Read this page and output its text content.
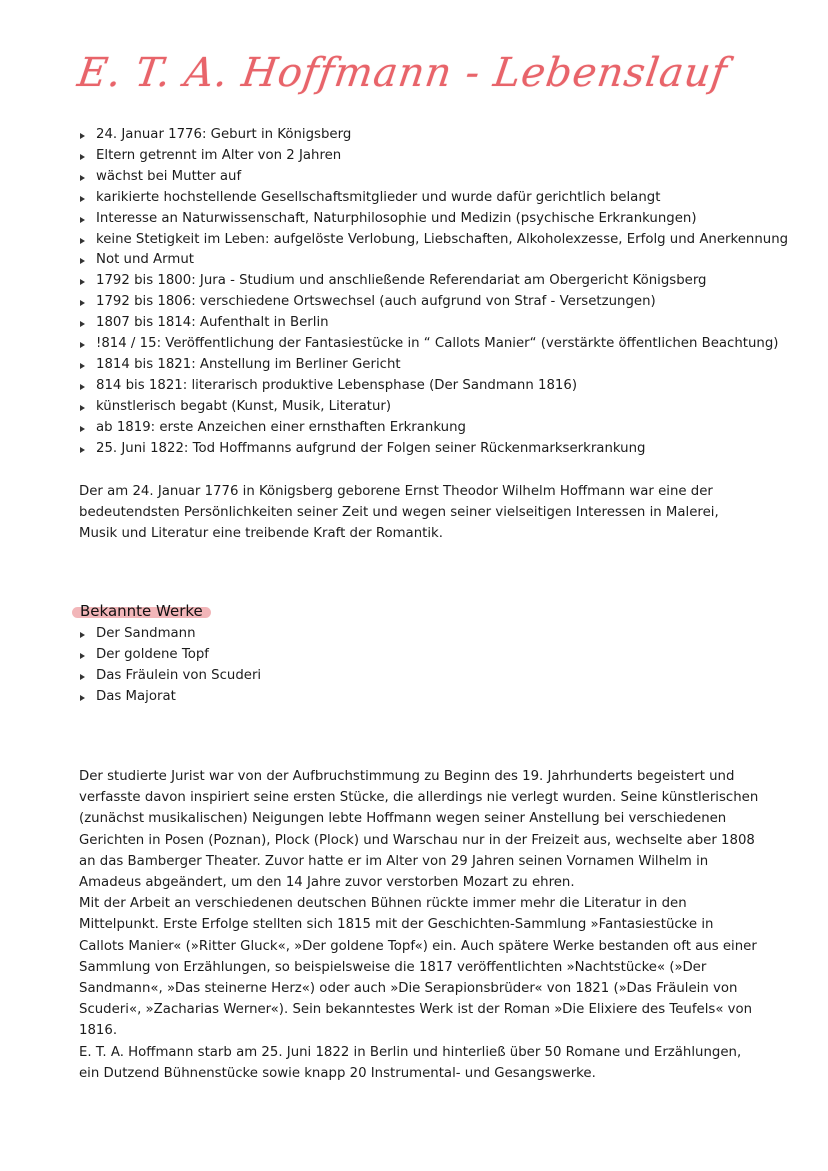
E. T. A. Hoffmann - Lebenslauf
24. Januar 1776: Geburt in Königsberg
Eltern getrennt im Alter von 2 Jahren
wächst bei Mutter auf
karikierte hochstellende Gesellschaftsmitglieder und wurde dafür gerichtlich belangt
Interesse an Naturwissenschaft, Naturphilosophie und Medizin (psychische Erkrankungen)
keine Stetigkeit im Leben: aufgelöste Verlobung, Liebschaften, Alkoholexzesse, Erfolg und Anerkennung
Not und Armut
1792 bis 1800: Jura - Studium und anschließende Referendariat am Obergericht Königsberg
1792 bis 1806: verschiedene Ortswechsel (auch aufgrund von Straf - Versetzungen)
1807 bis 1814: Aufenthalt in Berlin
!814 / 15: Veröffentlichung der Fantasiestücke in “ Callots Manier“ (verstärkte öffentlichen Beachtung)
1814 bis 1821: Anstellung im Berliner Gericht
814 bis 1821: literarisch produktive Lebensphase (Der Sandmann 1816)
künstlerisch begabt (Kunst, Musik, Literatur)
ab 1819: erste Anzeichen einer ernsthaften Erkrankung
25. Juni 1822: Tod Hoffmanns aufgrund der Folgen seiner Rückenmarkserkrankung

Der am 24. Januar 1776 in Königsberg geborene Ernst Theodor Wilhelm Hoffmann war eine der bedeutendsten Persönlichkeiten seiner Zeit und wegen seiner vielseitigen Interessen in Malerei, Musik und Literatur eine treibende Kraft der Romantik.

Bekannte Werke
Der Sandmann
Der goldene Topf
Das Fräulein von Scuderi
Das Majorat
Der studierte Jurist war von der Aufbruchstimmung zu Beginn des 19. Jahrhunderts begeistert und verfasste davon inspiriert seine ersten Stücke, die allerdings nie verlegt wurden. Seine künstlerischen (zunächst musikalischen) Neigungen lebte Hoffmann wegen seiner Anstellung bei verschiedenen Gerichten in Posen (Poznan), Plock (Plock) und Warschau nur in der Freizeit aus, wechselte aber 1808 an das Bamberger Theater. Zuvor hatte er im Alter von 29 Jahren seinen Vornamen Wilhelm in Amadeus abgeändert, um den 14 Jahre zuvor verstorben Mozart zu ehren.
Mit der Arbeit an verschiedenen deutschen Bühnen rückte immer mehr die Literatur in den Mittelpunkt. Erste Erfolge stellten sich 1815 mit der Geschichten-Sammlung »Fantasiestücke in Callots Manier« (»Ritter Gluck«, »Der goldene Topf«) ein. Auch spätere Werke bestanden oft aus einer Sammlung von Erzählungen, so beispielsweise die 1817 veröffentlichten »Nachtstücke« (»Der Sandmann«, »Das steinerne Herz«) oder auch »Die Serapionsbrüder« von 1821 (»Das Fräulein von Scuderi«, »Zacharias Werner«). Sein bekanntestes Werk ist der Roman »Die Elixiere des Teufels« von 1816.
E. T. A. Hoffmann starb am 25. Juni 1822 in Berlin und hinterließ über 50 Romane und Erzählungen, ein Dutzend Bühnenstücke sowie knapp 20 Instrumental- und Gesangswerke.
